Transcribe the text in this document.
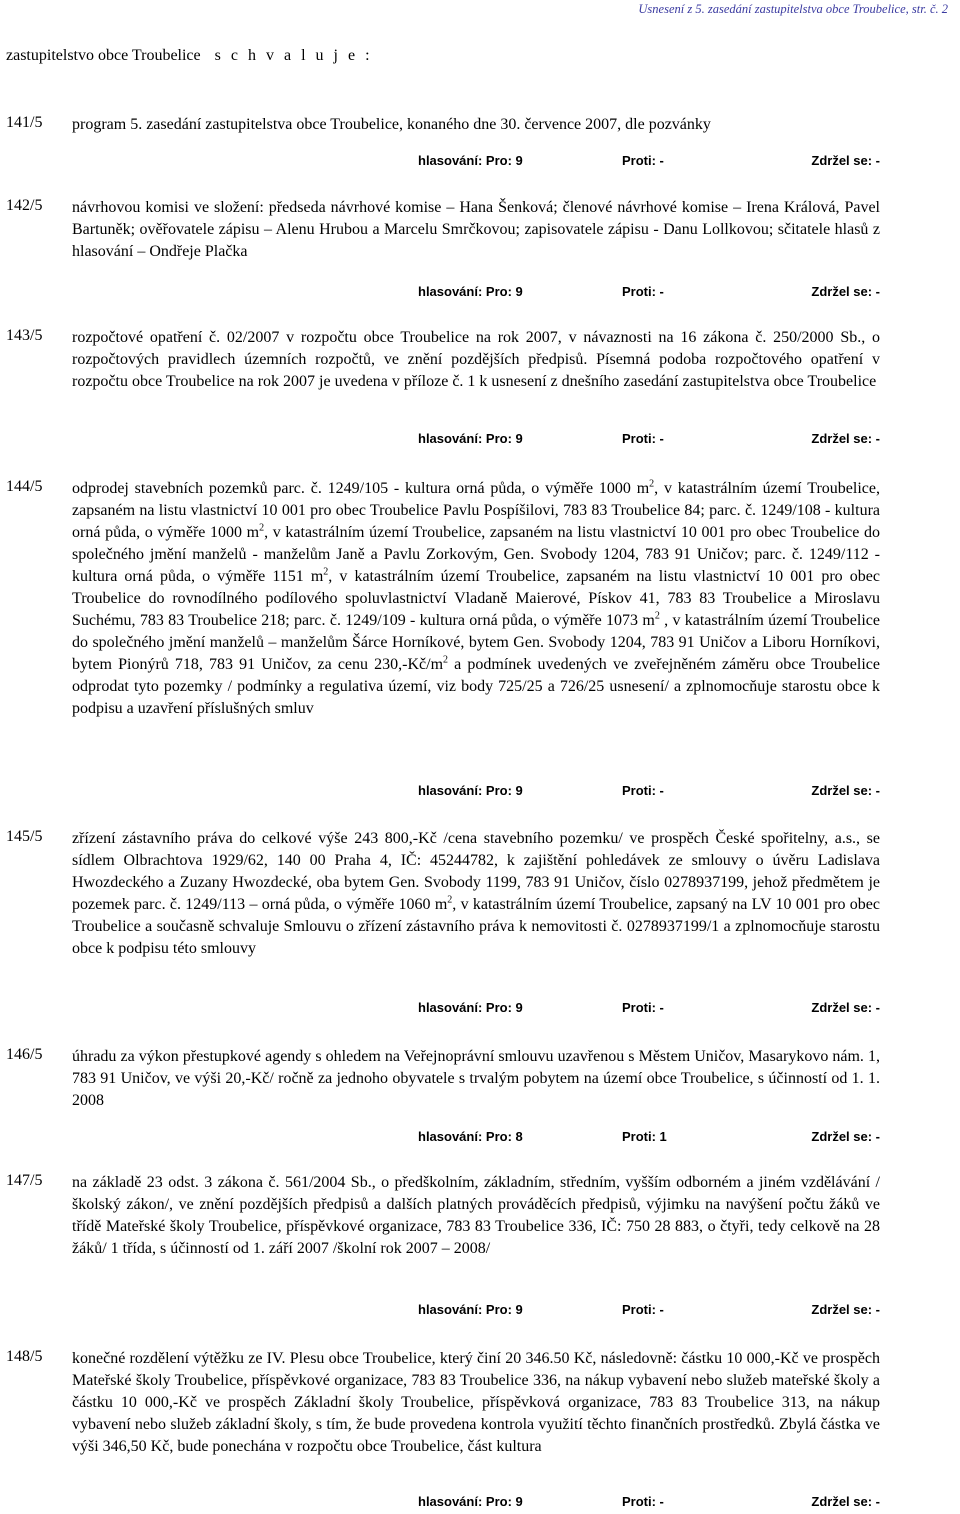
Usnesení z 5. zasedání zastupitelstva obce Troubelice, str. č. 2
zastupitelstvo obce Troubelice s c h v a l u j e :
141/5 program 5. zasedání zastupitelstva obce Troubelice, konaného dne 30. července 2007, dle pozvánky
hlasování: Pro: 9	Proti: -	Zdržel se: -
142/5 návrhovou komisi ve složení: předseda návrhové komise – Hana Šenková; členové návrhové komise – Irena Králová, Pavel Bartuněk; ověřovatele zápisu – Alenu Hrubou a Marcelu Smrčkovou; zapisovatele zápisu - Danu Lollkovou; sčitatele hlasů z hlasování – Ondřeje Plačka
hlasování: Pro: 9	Proti: -	Zdržel se: -
143/5 rozpočtové opatření č. 02/2007 v rozpočtu obce Troubelice na rok 2007, v návaznosti na 16 zákona č. 250/2000 Sb., o rozpočtových pravidlech územních rozpočtů, ve znění pozdějších předpisů. Písemná podoba rozpočtového opatření v rozpočtu obce Troubelice na rok 2007 je uvedena v příloze č. 1 k usnesení z dnešního zasedání zastupitelstva obce Troubelice
hlasování: Pro: 9	Proti: -	Zdržel se: -
144/5 odprodej stavebních pozemků parc. č. 1249/105 - kultura orná půda, o výměře 1000 $m^2$, v katastrálním území Troubelice, zapsaném na listu vlastnictví 10 001 pro obec Troubelice Pavlu Pospíšilovi, 783 83 Troubelice 84; parc. č. 1249/108 - kultura orná půda, o výměře 1000 $m^2$, v katastrálním území Troubelice, zapsaném na listu vlastnictví 10 001 pro obec Troubelice do společného jmění manželů - manželům Janě a Pavlu Zorkovým, Gen. Svobody 1204, 783 91 Uničov; parc. č. 1249/112 - kultura orná půda, o výměře 1151 $m^2$, v katastrálním území Troubelice, zapsaném na listu vlastnictví 10 001 pro obec Troubelice do rovnodílného podílového spoluvlastnictví Vladaně Maierové, Pískov 41, 783 83 Troubelice a Miroslavu Suchému, 783 83 Troubelice 218; parc. č. 1249/109 - kultura orná půda, o výměře 1073 $m^2$ , v katastrálním území Troubelice do společného jmění manželů – manželům Šárce Horníkové, bytem Gen. Svobody 1204, 783 91 Uničov a Liboru Horníkovi, bytem Pionýrů 718, 783 91 Uničov, za cenu $230,-Kč/m^2$ a podmínek uvedených ve zveřejněném záměru obce Troubelice odprodat tyto pozemky / podmínky a regulativa území, viz body 725/25 a 726/25 usnesení/ a zplnomocňuje starostu obce k podpisu a uzavření příslušných smluv
hlasování: Pro: 9	Proti: -	Zdržel se: -
145/5 zřízení zástavního práva do celkové výše 243 800,-Kč /cena stavebního pozemku/ ve prospěch České spořitelny, a.s., se sídlem Olbrachtova 1929/62, 140 00 Praha 4, IČ: 45244782, k zajištění pohledávek ze smlouvy o úvěru Ladislava Hwozdeckého a Zuzany Hwozdecké, oba bytem Gen. Svobody 1199, 783 91 Uničov, číslo 0278937199, jehož předmětem je pozemek parc. č. 1249/113 – orná půda, o výměře 1060 $m^2$, v katastrálním území Troubelice, zapsaný na LV 10 001 pro obec Troubelice a současně schvaluje Smlouvu o zřízení zástavního práva k nemovitosti č. 0278937199/1 a zplnomocňuje starostu obce k podpisu této smlouvy
hlasování: Pro: 9	Proti: -	Zdržel se: -
146/5 úhradu za výkon přestupkové agendy s ohledem na Veřejnoprávní smlouvu uzavřenou s Městem Uničov, Masarykovo nám. 1, 783 91 Uničov, ve výši 20,-Kč/ ročně za jednoho obyvatele s trvalým pobytem na území obce Troubelice, s účinností od 1. 1. 2008
hlasování: Pro: 8	Proti: 1	Zdržel se: -
147/5 na základě 23 odst. 3 zákona č. 561/2004 Sb., o předškolním, základním, středním, vyšším odborném a jiném vzdělávání /školský zákon/, ve znění pozdějších předpisů a dalších platných prováděcích předpisů, výjimku na navýšení počtu žáků ve třídě Mateřské školy Troubelice, příspěvkové organizace, 783 83 Troubelice 336, IČ: 750 28 883, o čtyři, tedy celkově na 28 žáků/ 1 třída, s účinností od 1. září 2007 /školní rok 2007 – 2008/
hlasování: Pro: 9	Proti: -	Zdržel se: -
148/5 konečné rozdělení výtěžku ze IV. Plesu obce Troubelice, který činí 20 346.50 Kč, následovně: částku 10 000,-Kč ve prospěch Mateřské školy Troubelice, příspěvkové organizace, 783 83 Troubelice 336, na nákup vybavení nebo služeb mateřské školy a částku 10 000,-Kč ve prospěch Základní školy Troubelice, příspěvková organizace, 783 83 Troubelice 313, na nákup vybavení nebo služeb základní školy, s tím, že bude provedena kontrola využití těchto finančních prostředků. Zbylá částka ve výši 346,50 Kč, bude ponechána v rozpočtu obce Troubelice, část kultura
hlasování: Pro: 9	Proti: -	Zdržel se: -
